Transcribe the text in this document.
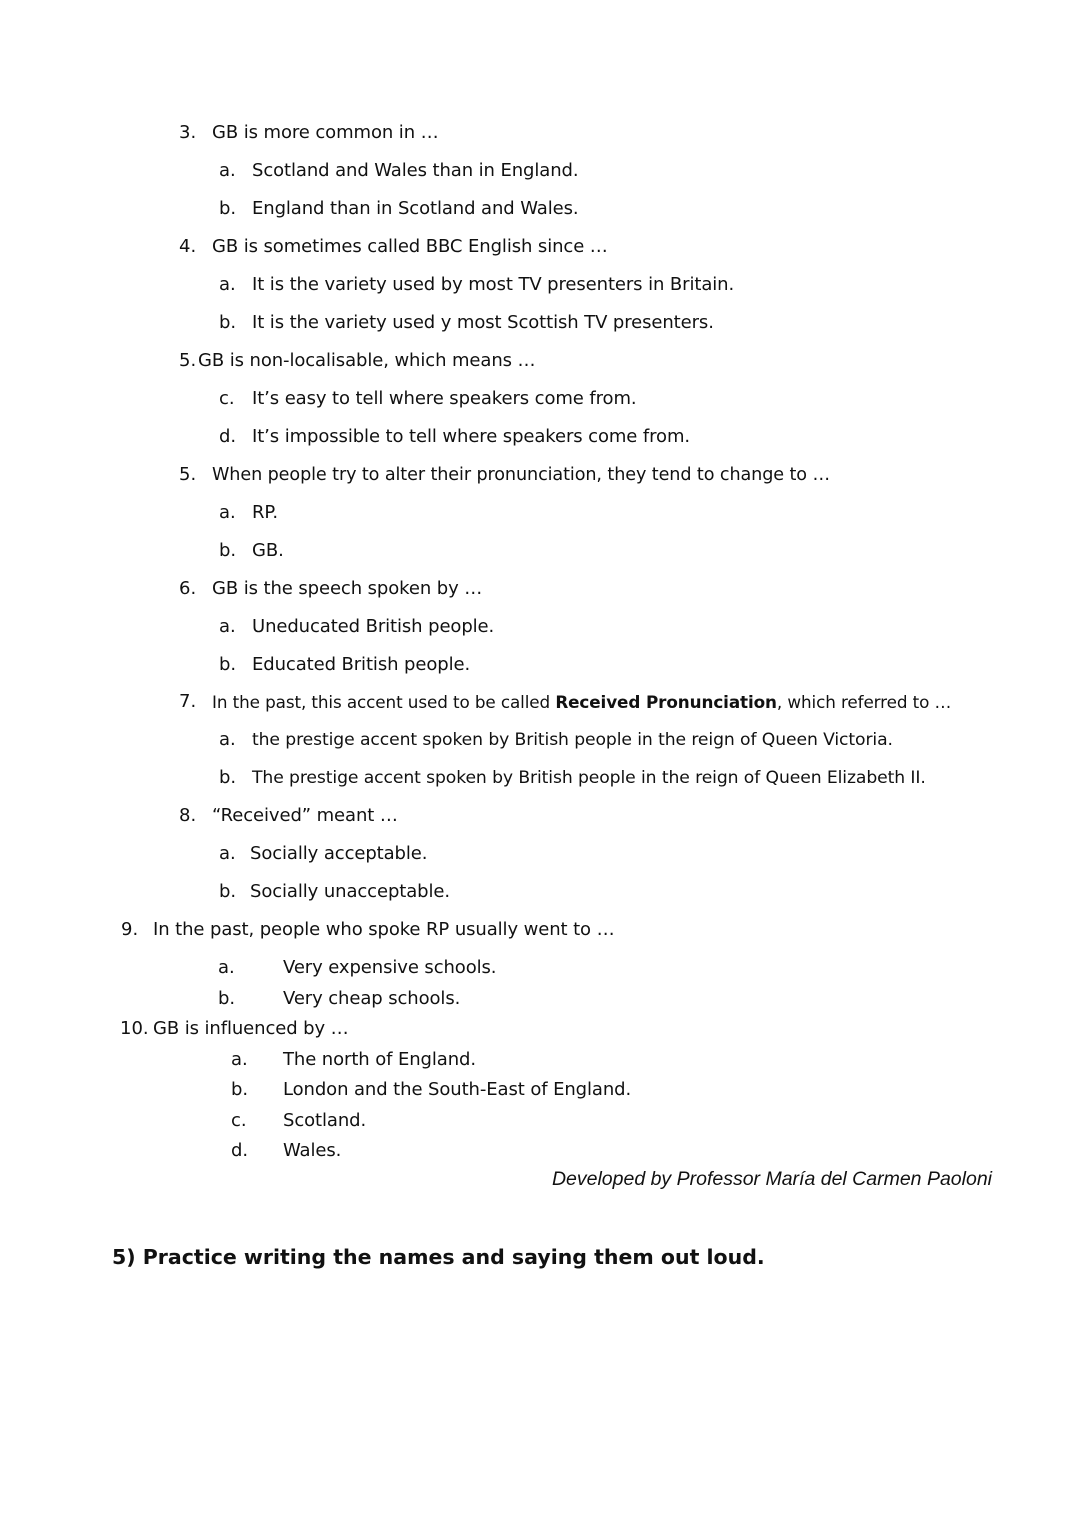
3. GB is more common in …
a. Scotland and Wales than in England.
b. England than in Scotland and Wales.
4. GB is sometimes called BBC English since …
a. It is the variety used by most TV presenters in Britain.
b. It is the variety used y most Scottish TV presenters.
5. GB is non-localisable, which means …
c. It’s easy to tell where speakers come from.
d. It’s impossible to tell where speakers come from.
5. When people try to alter their pronunciation, they tend to change to …
a. RP.
b. GB.
6. GB is the speech spoken by …
a. Uneducated British people.
b. Educated British people.
7. In the past, this accent used to be called Received Pronunciation, which referred to …
a. the prestige accent spoken by British people in the reign of Queen Victoria.
b. The prestige accent spoken by British people in the reign of Queen Elizabeth II.
8. “Received” meant …
a. Socially acceptable.
b. Socially unacceptable.
9. In the past, people who spoke RP usually went to …
a.	Very expensive schools.
b.	Very cheap schools.
10. GB is influenced by …
a. The north of England.
b. London and the South-East of England.
c. Scotland.
d. Wales.
Developed by Professor María del Carmen Paoloni
5) Practice writing the names and saying them out loud.
